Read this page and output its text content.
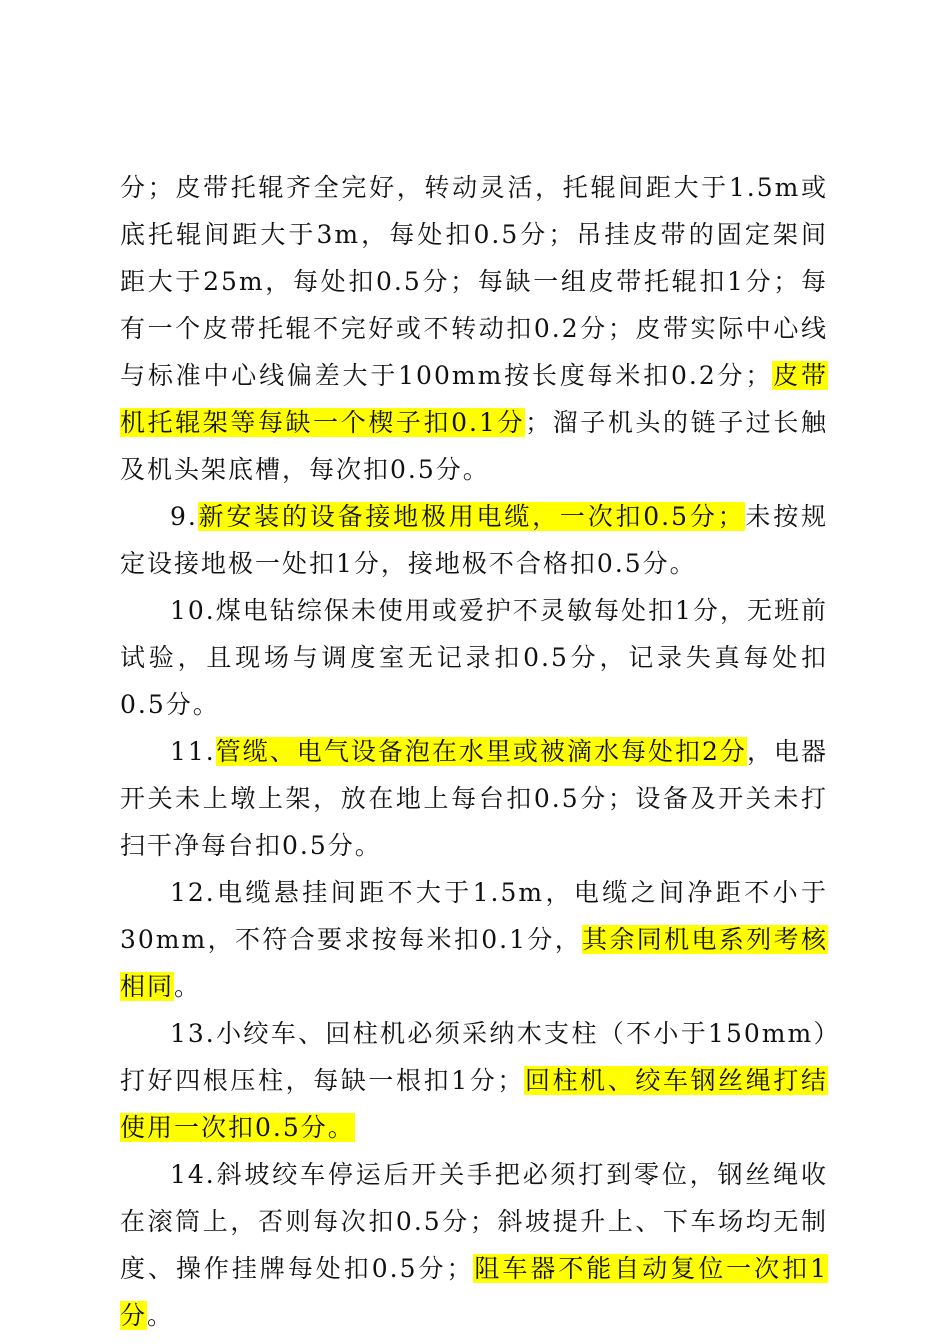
分；皮带托辊齐全完好，转动灵活，托辊间距大于1.5m或底托辊间距大于3m，每处扣0.5分；吊挂皮带的固定架间距大于25m，每处扣0.5分；每缺一组皮带托辊扣1分；每有一个皮带托辊不完好或不转动扣0.2分；皮带实际中心线与标准中心线偏差大于100mm按长度每米扣0.2分；皮带机托辊架等每缺一个楔子扣0.1分；溜子机头的链子过长触及机头架底槽，每次扣0.5分。

9.新安装的设备接地极用电缆，一次扣0.5分；未按规定设接地极一处扣1分，接地极不合格扣0.5分。

10.煤电钻综保未使用或爱护不灵敏每处扣1分，无班前试验，且现场与调度室无记录扣0.5分，记录失真每处扣0.5分。

11.管缆、电气设备泡在水里或被滴水每处扣2分，电器开关未上墩上架，放在地上每台扣0.5分；设备及开关未打扫干净每台扣0.5分。

12.电缆悬挂间距不大于1.5m，电缆之间净距不小于30mm，不符合要求按每米扣0.1分，其余同机电系列考核相同。

13.小绞车、回柱机必须采纳木支柱（不小于150mm）打好四根压柱，每缺一根扣1分；回柱机、绞车钢丝绳打结使用一次扣0.5分。

14.斜坡绞车停运后开关手把必须打到零位，钢丝绳收在滚筒上，否则每次扣0.5分；斜坡提升上、下车场均无制度、操作挂牌每处扣0.5分；阻车器不能自动复位一次扣1分。
